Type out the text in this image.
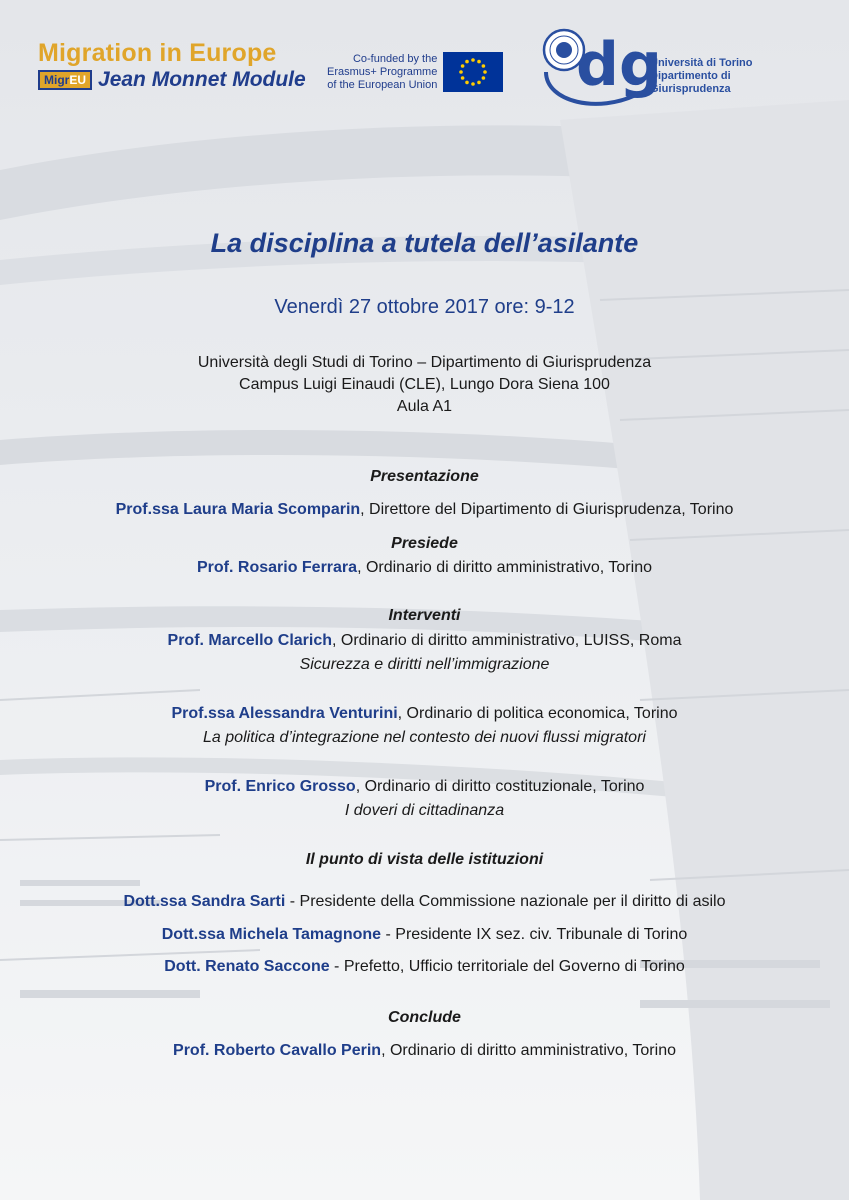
Migration in Europe
MigrEU Jean Monnet Module
Co-funded by the
Erasmus+ Programme
of the European Union dg
Università di Torino
Dipartimento di Giurisprudenza
La disciplina a tutela dell’asilante
Venerdì 27 ottobre 2017 ore: 9-12
Università degli Studi di Torino – Dipartimento di Giurisprudenza
Campus Luigi Einaudi (CLE), Lungo Dora Siena 100
Aula A1
Presentazione
Prof.ssa Laura Maria Scomparin, Direttore del Dipartimento di Giurisprudenza, Torino
Presiede
Prof. Rosario Ferrara, Ordinario di diritto amministrativo, Torino
Interventi
Prof. Marcello Clarich, Ordinario di diritto amministrativo, LUISS, Roma
Sicurezza e diritti nell’immigrazione
Prof.ssa Alessandra Venturini, Ordinario di politica economica, Torino
La politica d’integrazione nel contesto dei nuovi flussi migratori
Prof. Enrico Grosso, Ordinario di diritto costituzionale, Torino
I doveri di cittadinanza
Il punto di vista delle istituzioni
Dott.ssa Sandra Sarti - Presidente della Commissione nazionale per il diritto di asilo
Dott.ssa Michela Tamagnone - Presidente IX sez. civ. Tribunale di Torino
Dott. Renato Saccone - Prefetto, Ufficio territoriale del Governo di Torino
Conclude
Prof. Roberto Cavallo Perin, Ordinario di diritto amministrativo, Torino
